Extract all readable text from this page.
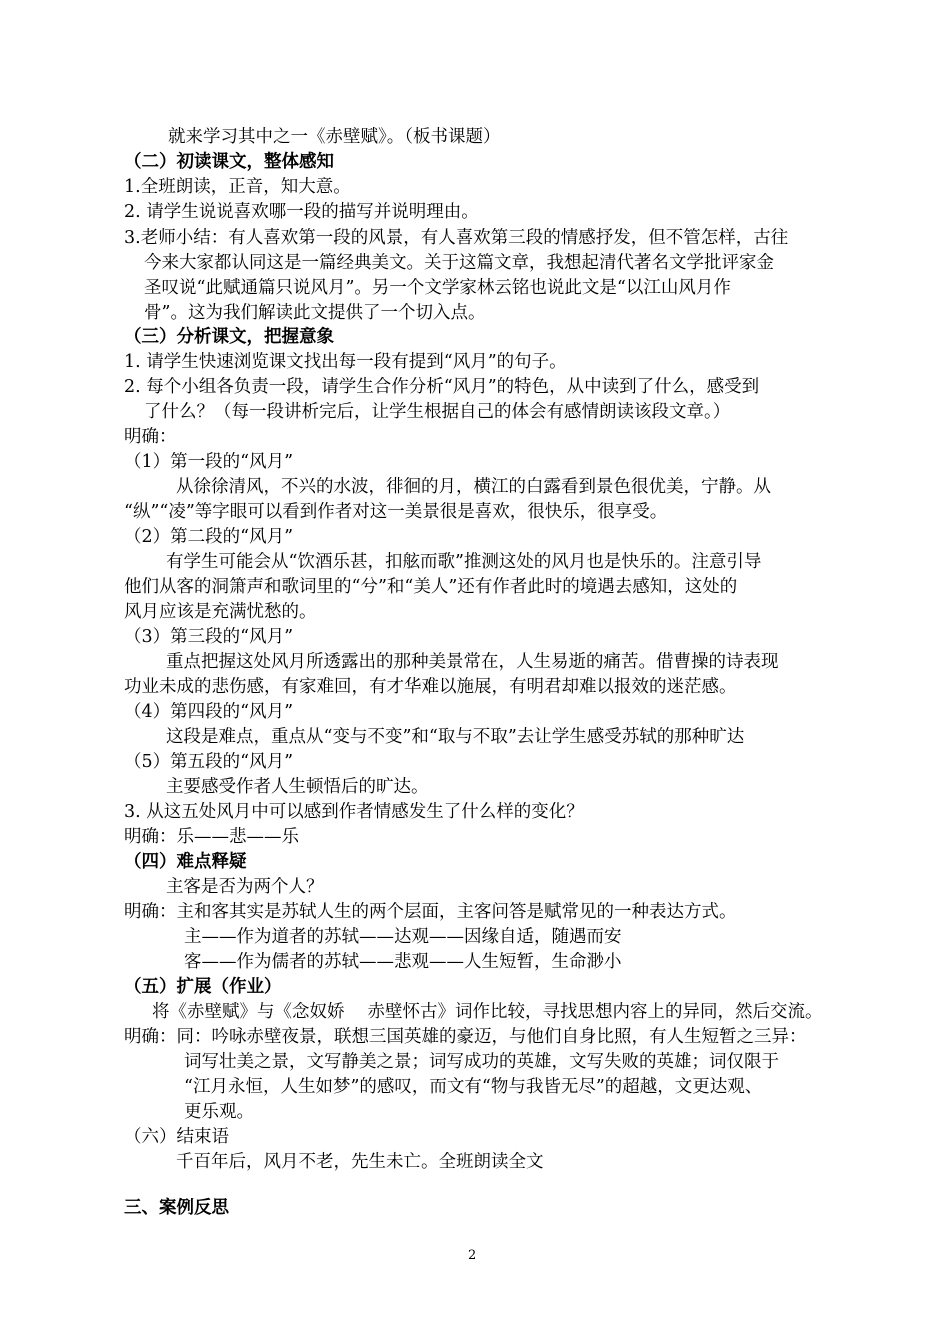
就来学习其中之一《赤壁赋》。（板书课题）
（二）初读课文，整体感知
1.全班朗读，正音，知大意。
2. 请学生说说喜欢哪一段的描写并说明理由。
3.老师小结：有人喜欢第一段的风景，有人喜欢第三段的情感抒发，但不管怎样，古往
今来大家都认同这是一篇经典美文。关于这篇文章，我想起清代著名文学批评家金
圣叹说“此赋通篇只说风月”。另一个文学家林云铭也说此文是“以江山风月作
骨”。这为我们解读此文提供了一个切入点。
（三）分析课文，把握意象
1. 请学生快速浏览课文找出每一段有提到“风月”的句子。
2. 每个小组各负责一段，请学生合作分析“风月”的特色，从中读到了什么，感受到
了什么？（每一段讲析完后，让学生根据自己的体会有感情朗读该段文章。）
明确：
（1）第一段的“风月”
从徐徐清风，不兴的水波，徘徊的月，横江的白露看到景色很优美，宁静。从
“纵”“凌”等字眼可以看到作者对这一美景很是喜欢，很快乐，很享受。
（2）第二段的“风月”
有学生可能会从“饮酒乐甚，扣舷而歌”推测这处的风月也是快乐的。注意引导
他们从客的洞箫声和歌词里的“兮”和“美人”还有作者此时的境遇去感知，这处的
风月应该是充满忧愁的。
（3）第三段的“风月”
重点把握这处风月所透露出的那种美景常在，人生易逝的痛苦。借曹操的诗表现
功业未成的悲伤感，有家难回，有才华难以施展，有明君却难以报效的迷茫感。
（4）第四段的“风月”
这段是难点，重点从“变与不变”和“取与不取”去让学生感受苏轼的那种旷达
（5）第五段的“风月”
主要感受作者人生顿悟后的旷达。
3. 从这五处风月中可以感到作者情感发生了什么样的变化？
明确：乐——悲——乐
（四）难点释疑
主客是否为两个人？
明确：主和客其实是苏轼人生的两个层面，主客问答是赋常见的一种表达方式。
主——作为道者的苏轼——达观——因缘自适，随遇而安
客——作为儒者的苏轼——悲观——人生短暂，生命渺小
（五）扩展（作业）
将《赤壁赋》与《念奴娇　 赤壁怀古》词作比较，寻找思想内容上的异同，然后交流。
明确：同：吟咏赤壁夜景，联想三国英雄的豪迈，与他们自身比照，有人生短暂之三异：
词写壮美之景，文写静美之景；词写成功的英雄，文写失败的英雄；词仅限于
“江月永恒，人生如梦”的感叹，而文有“物与我皆无尽”的超越，文更达观、
更乐观。
（六）结束语
千百年后，风月不老，先生未亡。全班朗读全文
三、案例反思
2
